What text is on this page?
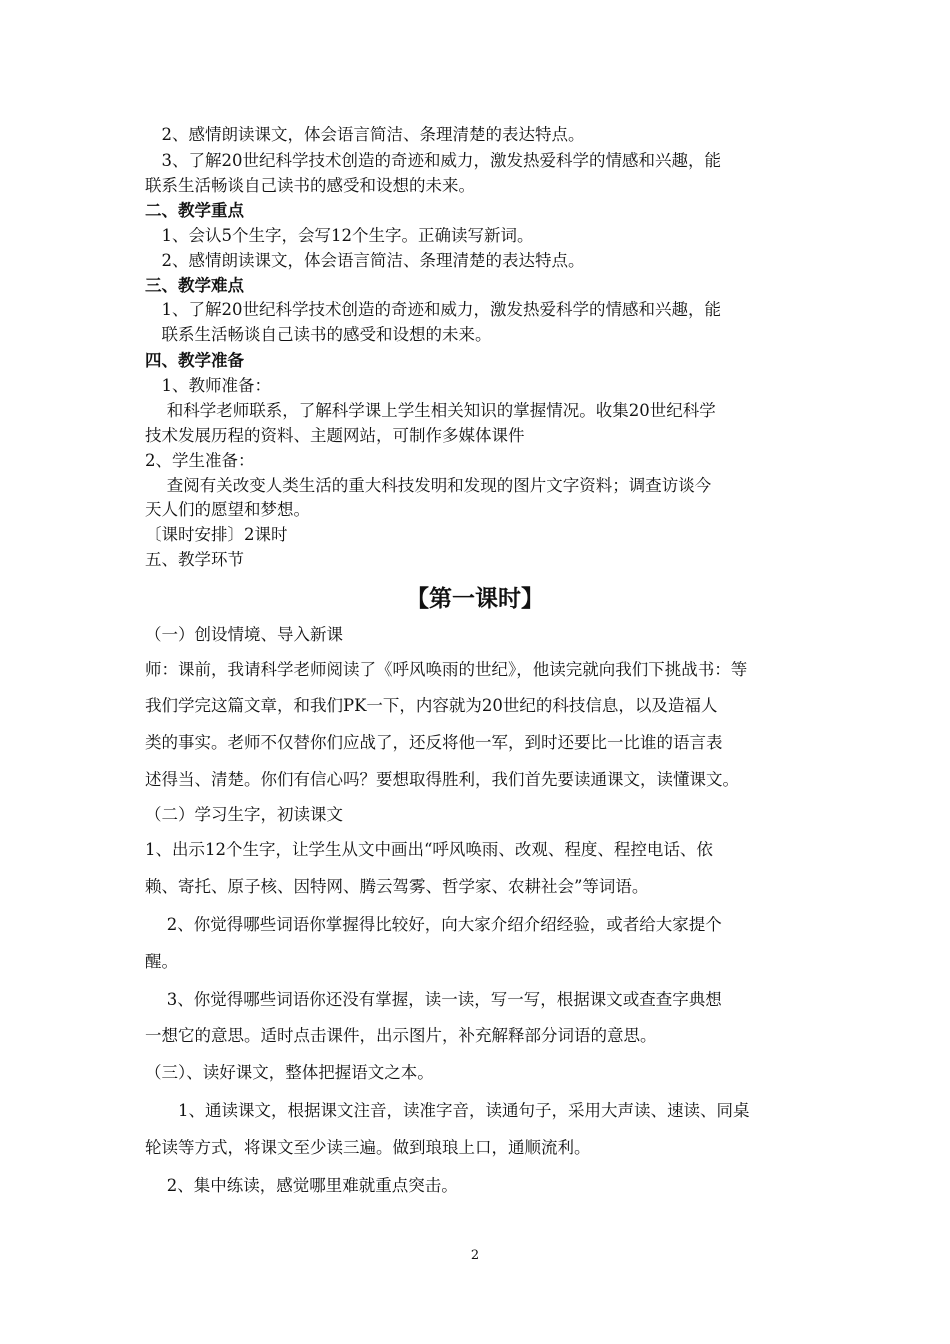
　2、感情朗读课文，体会语言简洁、条理清楚的表达特点。
　3、了解20世纪科学技术创造的奇迹和威力，激发热爱科学的情感和兴趣，能
联系生活畅谈自己读书的感受和设想的未来。
二、教学重点
　1、会认5个生字，会写12个生字。正确读写新词。
　2、感情朗读课文，体会语言简洁、条理清楚的表达特点。
三、教学难点
　1、了解20世纪科学技术创造的奇迹和威力，激发热爱科学的情感和兴趣，能
　联系生活畅谈自己读书的感受和设想的未来。
四、教学准备
　1、教师准备：
　 和科学老师联系，了解科学课上学生相关知识的掌握情况。收集20世纪科学
技术发展历程的资料、主题网站，可制作多媒体课件
2、学生准备：
　 查阅有关改变人类生活的重大科技发明和发现的图片文字资料；调查访谈今
天人们的愿望和梦想。
〔课时安排〕2课时
五、教学环节
【第一课时】
（一）创设情境、导入新课
师：课前，我请科学老师阅读了《呼风唤雨的世纪》，他读完就向我们下挑战书：等
我们学完这篇文章，和我们PK一下，内容就为20世纪的科技信息，以及造福人
类的事实。老师不仅替你们应战了，还反将他一军，到时还要比一比谁的语言表
述得当、清楚。你们有信心吗？要想取得胜利，我们首先要读通课文，读懂课文。
（二）学习生字，初读课文
1、出示12个生字，让学生从文中画出“呼风唤雨、改观、程度、程控电话、依
赖、寄托、原子核、因特网、腾云驾雾、哲学家、农耕社会”等词语。
　 2、你觉得哪些词语你掌握得比较好，向大家介绍介绍经验，或者给大家提个
醒。
　 3、你觉得哪些词语你还没有掌握，读一读，写一写，根据课文或查查字典想
一想它的意思。适时点击课件，出示图片，补充解释部分词语的意思。
（三）、读好课文，整体把握语文之本。
　　1、通读课文，根据课文注音，读准字音，读通句子，采用大声读、速读、同桌
轮读等方式，将课文至少读三遍。做到琅琅上口，通顺流利。
　 2、集中练读，感觉哪里难就重点突击。
2
